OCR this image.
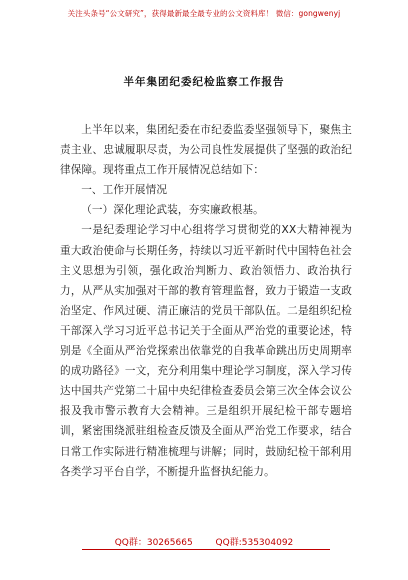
关注头条号“公文研究”，获得最新最全最专业的公文资料库！ 微信：gongwenyj
半年集团纪委纪检监察工作报告

上半年以来，集团纪委在市纪委监委坚强领导下，聚焦主责主业、忠诚履职尽责，为公司良性发展提供了坚强的政治纪律保障。现将重点工作开展情况总结如下：

一、工作开展情况

（一）深化理论武装，夯实廉政根基。

一是纪委理论学习中心组将学习贯彻党的XX大精神视为重大政治使命与长期任务，持续以习近平新时代中国特色社会主义思想为引领，强化政治判断力、政治领悟力、政治执行力，从严从实加强对干部的教育管理监督，致力于锻造一支政治坚定、作风过硬、清正廉洁的党员干部队伍。二是组织纪检干部深入学习习近平总书记关于全面从严治党的重要论述，特别是《全面从严治党探索出依靠党的自我革命跳出历史周期率的成功路径》一文，充分利用集中理论学习制度，深入学习传达中国共产党第二十届中央纪律检查委员会第三次全体会议公报及我市警示教育大会精神。三是组织开展纪检干部专题培训，紧密围绕派驻组检查反馈及全面从严治党工作要求，结合日常工作实际进行精准梳理与讲解；同时，鼓励纪检干部利用各类学习平台自学，不断提升监督执纪能力。

QQ群：30265665	QQ群:535304092
